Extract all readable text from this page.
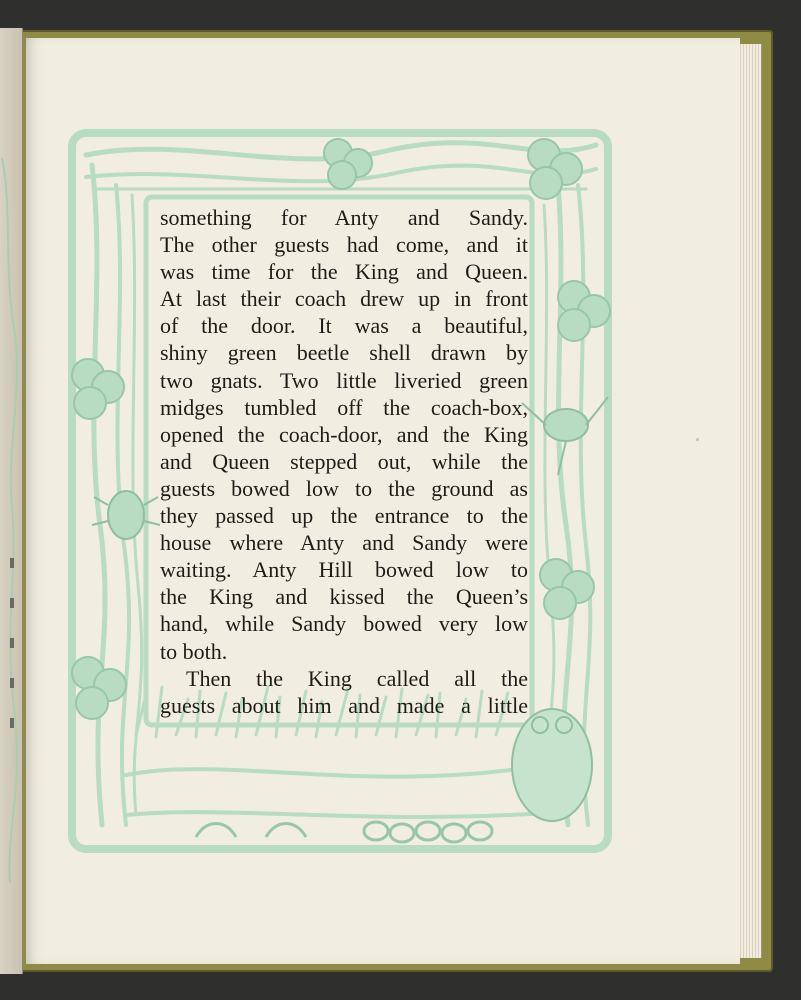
something for Anty and Sandy.
The other guests had come, and it
was time for the King and Queen.
At last their coach drew up in front
of the door. It was a beautiful,
shiny green beetle shell drawn by
two gnats. Two little liveried green
midges tumbled off the coach-box,
opened the coach-door, and the King
and Queen stepped out, while the
guests bowed low to the ground as
they passed up the entrance to the
house where Anty and Sandy were
waiting. Anty Hill bowed low to
the King and kissed the Queen’s
hand, while Sandy bowed very low
to both.
Then the King called all the
guests about him and made a little
